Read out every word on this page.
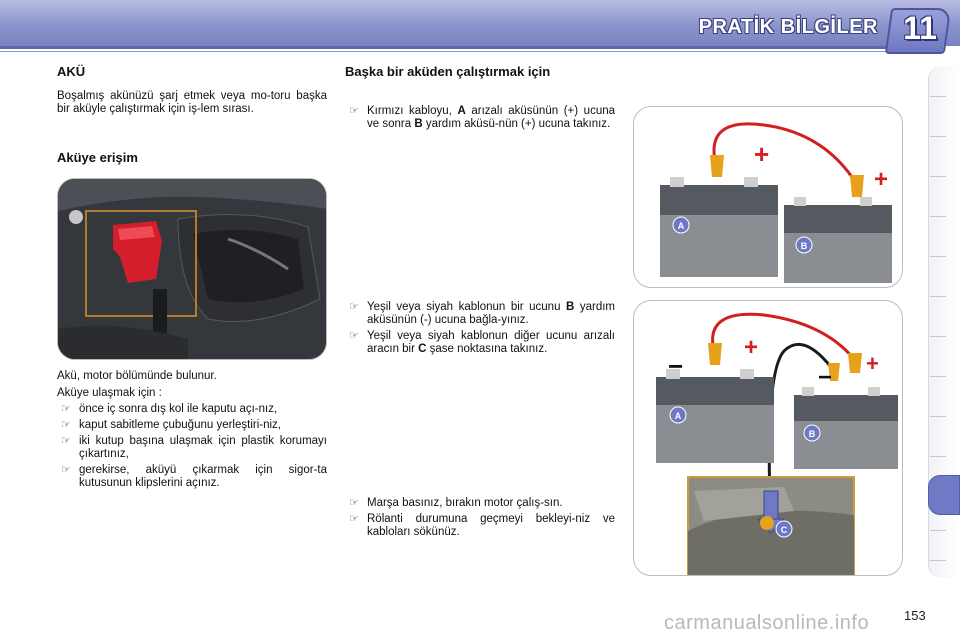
PRATİK BİLGİLER 11
AKÜ
Boşalmış akünüzü şarj etmek veya mo-toru başka bir aküyle çalıştırmak için iş-lem sırası.
Aküye erişim
Akü, motor bölümünde bulunur.
Aküye ulaşmak için :
☞ önce iç sonra dış kol ile kaputu açı-nız,
☞ kaput sabitleme çubuğunu yerleştiri-niz,
☞ iki kutup başına ulaşmak için plastik korumayı çıkartınız,
☞ gerekirse, aküyü çıkarmak için sigor-ta kutusunun klipslerini açınız.
Başka bir aküden çalıştırmak için
☞ Kırmızı kabloyu, A arızalı aküsünün (+) ucuna ve sonra B yardım aküsü-nün (+) ucuna takınız.
☞ Yeşil veya siyah kablonun bir ucunu B yardım aküsünün (-) ucuna bağla-yınız.
☞ Yeşil veya siyah kablonun diğer ucunu arızalı aracın bir C şase noktasına takınız.
☞ Marşa basınız, bırakın motor çalış-sın.
☞ Rölanti durumuna geçmeyi bekleyi-niz ve kabloları sökünüz.
A
B
+
+
A
B
+
+
−	−
C
carmanualsonline.info	153
